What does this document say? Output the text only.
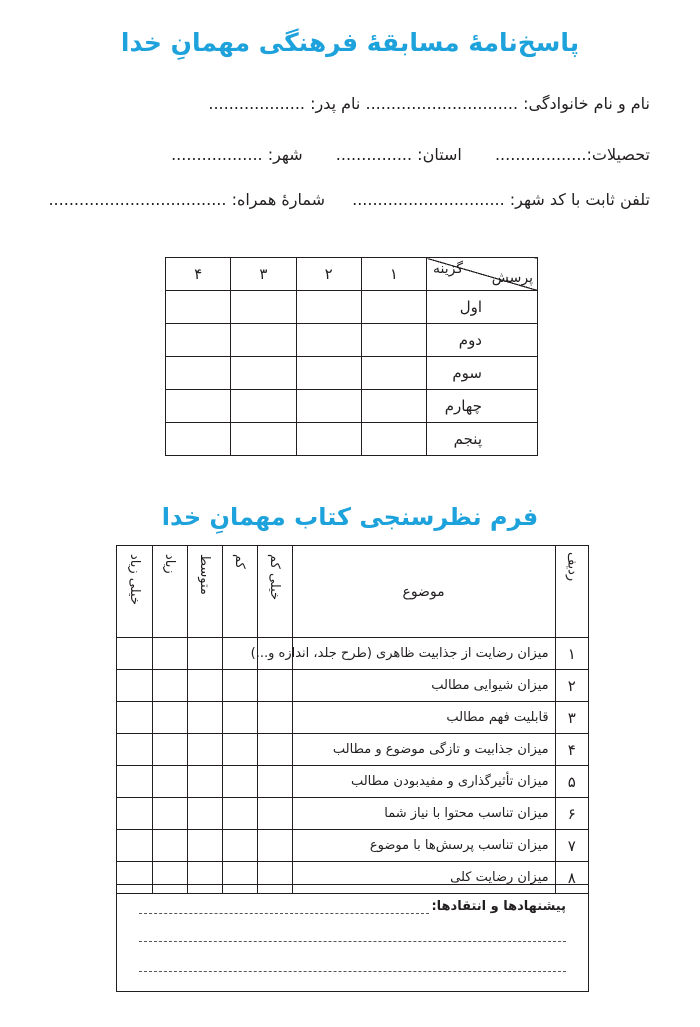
پاسخ‌نامهٔ مسابقهٔ فرهنگی مهمانِ خدا
نام و نام خانوادگی: .............................. نام پدر: ...................
تحصیلات:.................. استان: ............... شهر: ..................
تلفن ثابت با کد شهر: .............................. شمارهٔ همراه: ...................................
پرسش
گزینه	۱	۲	۳	۴
اول				
دوم				
سوم				
چهارم				
پنجم				
فرم نظرسنجی کتاب مهمانِ خدا
ردیف	موضوع	خیلی کم	کم	متوسط	زیاد	خیلی زیاد
۱	میزان رضایت از جذابیت ظاهری (طرح جلد، اندازه و...)					
۲	میزان شیوایی مطالب					
۳	قابلیت فهم مطالب					
۴	میزان جذابیت و تازگی موضوع و مطالب					
۵	میزان تأثیرگذاری و مفیدبودن مطالب					
۶	میزان تناسب محتوا با نیاز شما					
۷	میزان تناسب پرسش‌ها با موضوع					
۸	میزان رضایت کلی					
پیشنهادها و انتقادها:
